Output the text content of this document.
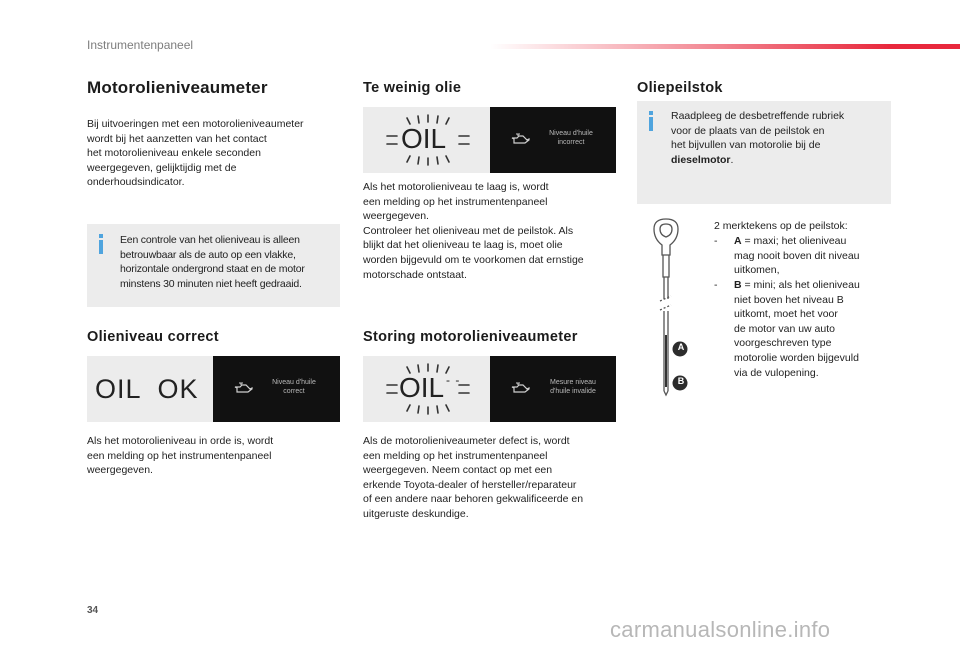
Instrumentenpaneel
Motorolieniveaumeter

Bij uitvoeringen met een motorolieniveaumeter
wordt bij het aanzetten van het contact
het motorolieniveau enkele seconden
weergegeven, gelijktijdig met de
onderhoudsindicator.

Een controle van het olieniveau is alleen
betrouwbaar als de auto op een vlakke,
horizontale ondergrond staat en de motor
minstens 30 minuten niet heeft gedraaid.
Olieniveau correct
OIL  OK	Niveau d'huile
correct

Als het motorolieniveau in orde is, wordt
een melding op het instrumentenpaneel
weergegeven.

Te weinig olie
OIL	Niveau d'huile
incorrect

Als het motorolieniveau te laag is, wordt
een melding op het instrumentenpaneel
weergegeven.
Controleer het olieniveau met de peilstok. Als
blijkt dat het olieniveau te laag is, moet olie
worden bijgevuld om te voorkomen dat ernstige
motorschade ontstaat.

Storing motorolieniveaumeter
OIL - -	Mesure niveau
d'huile invalide

Als de motorolieniveaumeter defect is, wordt
een melding op het instrumentenpaneel
weergegeven. Neem contact op met een
erkende Toyota-dealer of hersteller/reparateur
of een andere naar behoren gekwalificeerde en
uitgeruste deskundige.

Oliepeilstok
Raadpleeg de desbetreffende rubriek
voor de plaats van de peilstok en
het bijvullen van motorolie bij de
dieselmotor.
A
B
2 merktekens op de peilstok:
- A = maxi; het olieniveau
mag nooit boven dit niveau
uitkomen,

- B = mini; als het olieniveau
niet boven het niveau B
uitkomt, moet het voor
de motor van uw auto
voorgeschreven type
motorolie worden bijgevuld
via de vulopening.

34
carmanualsonline.info
